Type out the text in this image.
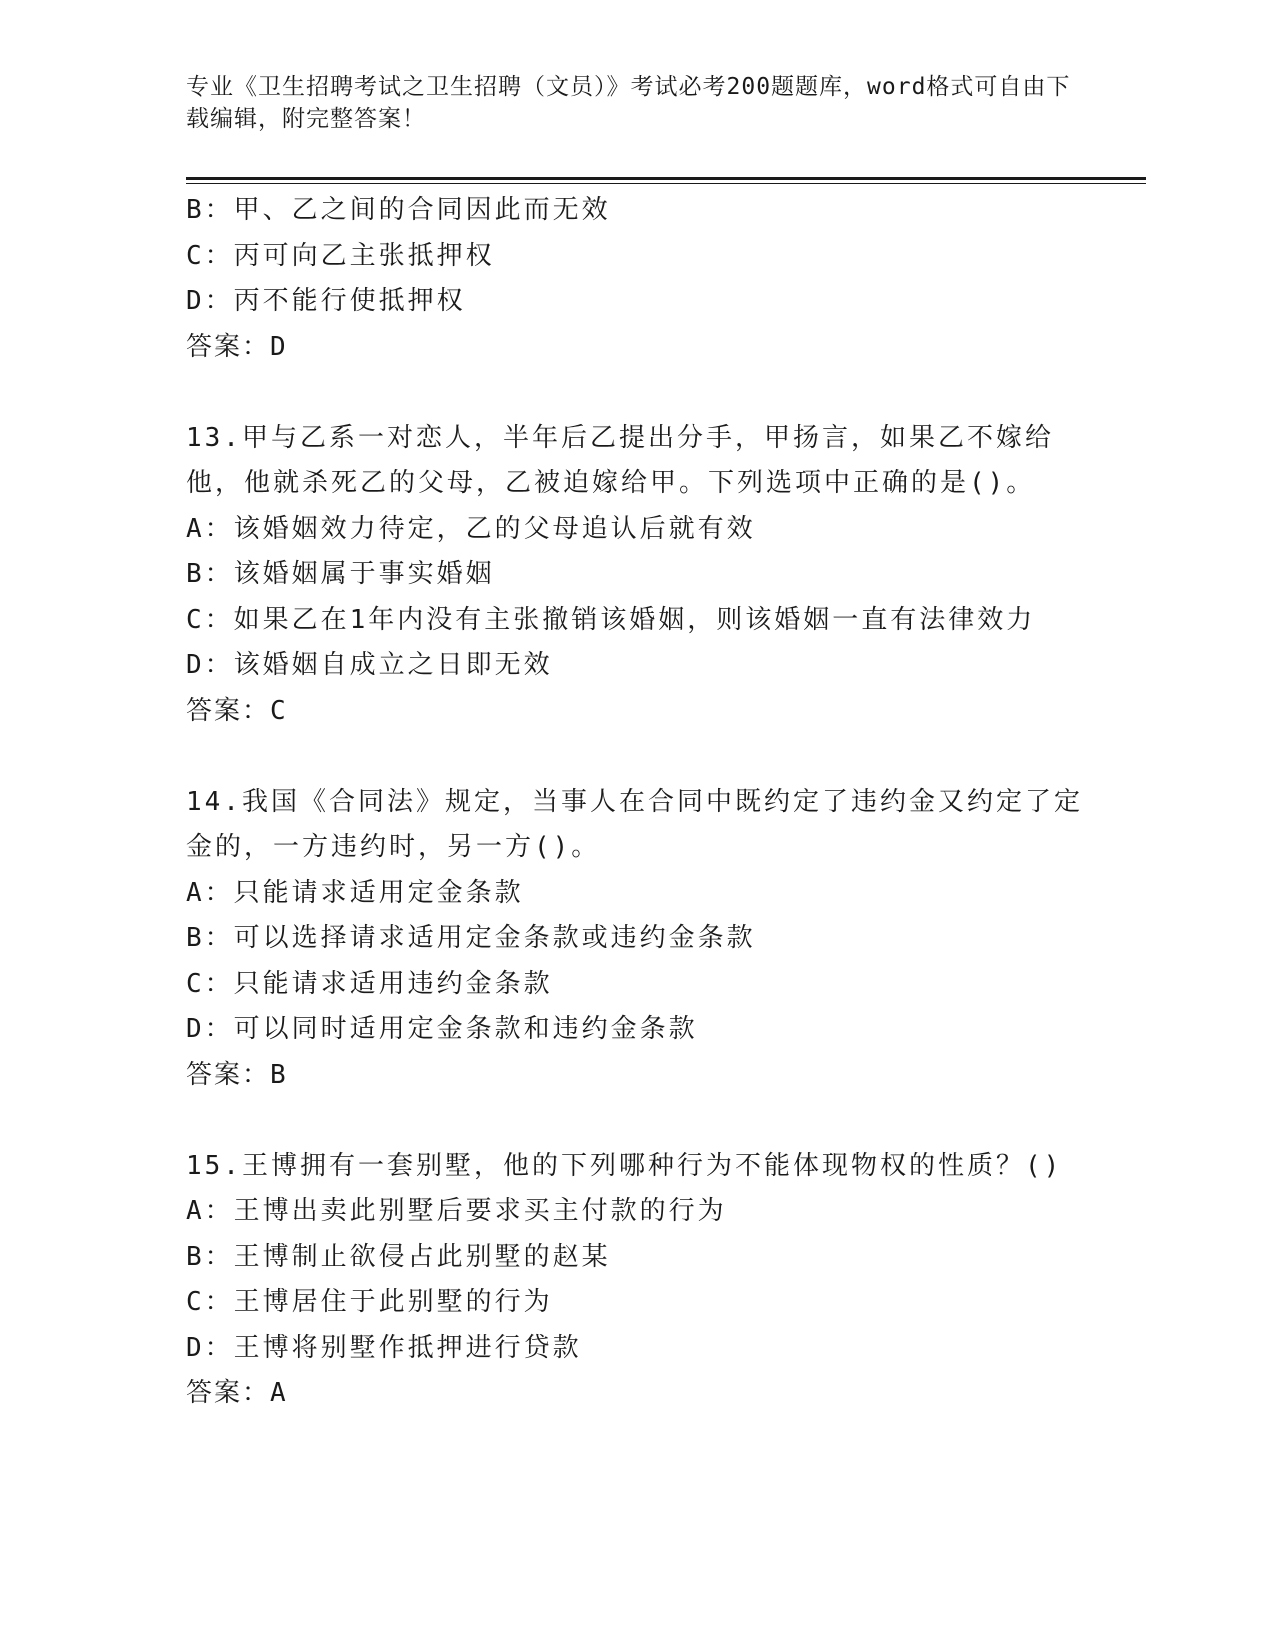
专业《卫生招聘考试之卫生招聘（文员）》考试必考200题题库，word格式可自由下载编辑，附完整答案！
B：甲、乙之间的合同因此而无效
C：丙可向乙主张抵押权
D：丙不能行使抵押权
答案：D
13.甲与乙系一对恋人，半年后乙提出分手，甲扬言，如果乙不嫁给他，他就杀死乙的父母，乙被迫嫁给甲。下列选项中正确的是()。
A：该婚姻效力待定，乙的父母追认后就有效
B：该婚姻属于事实婚姻
C：如果乙在1年内没有主张撤销该婚姻，则该婚姻一直有法律效力
D：该婚姻自成立之日即无效
答案：C
14.我国《合同法》规定，当事人在合同中既约定了违约金又约定了定金的，一方违约时，另一方()。
A：只能请求适用定金条款
B：可以选择请求适用定金条款或违约金条款
C：只能请求适用违约金条款
D：可以同时适用定金条款和违约金条款
答案：B
15.王博拥有一套别墅，他的下列哪种行为不能体现物权的性质？()
A：王博出卖此别墅后要求买主付款的行为
B：王博制止欲侵占此别墅的赵某
C：王博居住于此别墅的行为
D：王博将别墅作抵押进行贷款
答案：A
